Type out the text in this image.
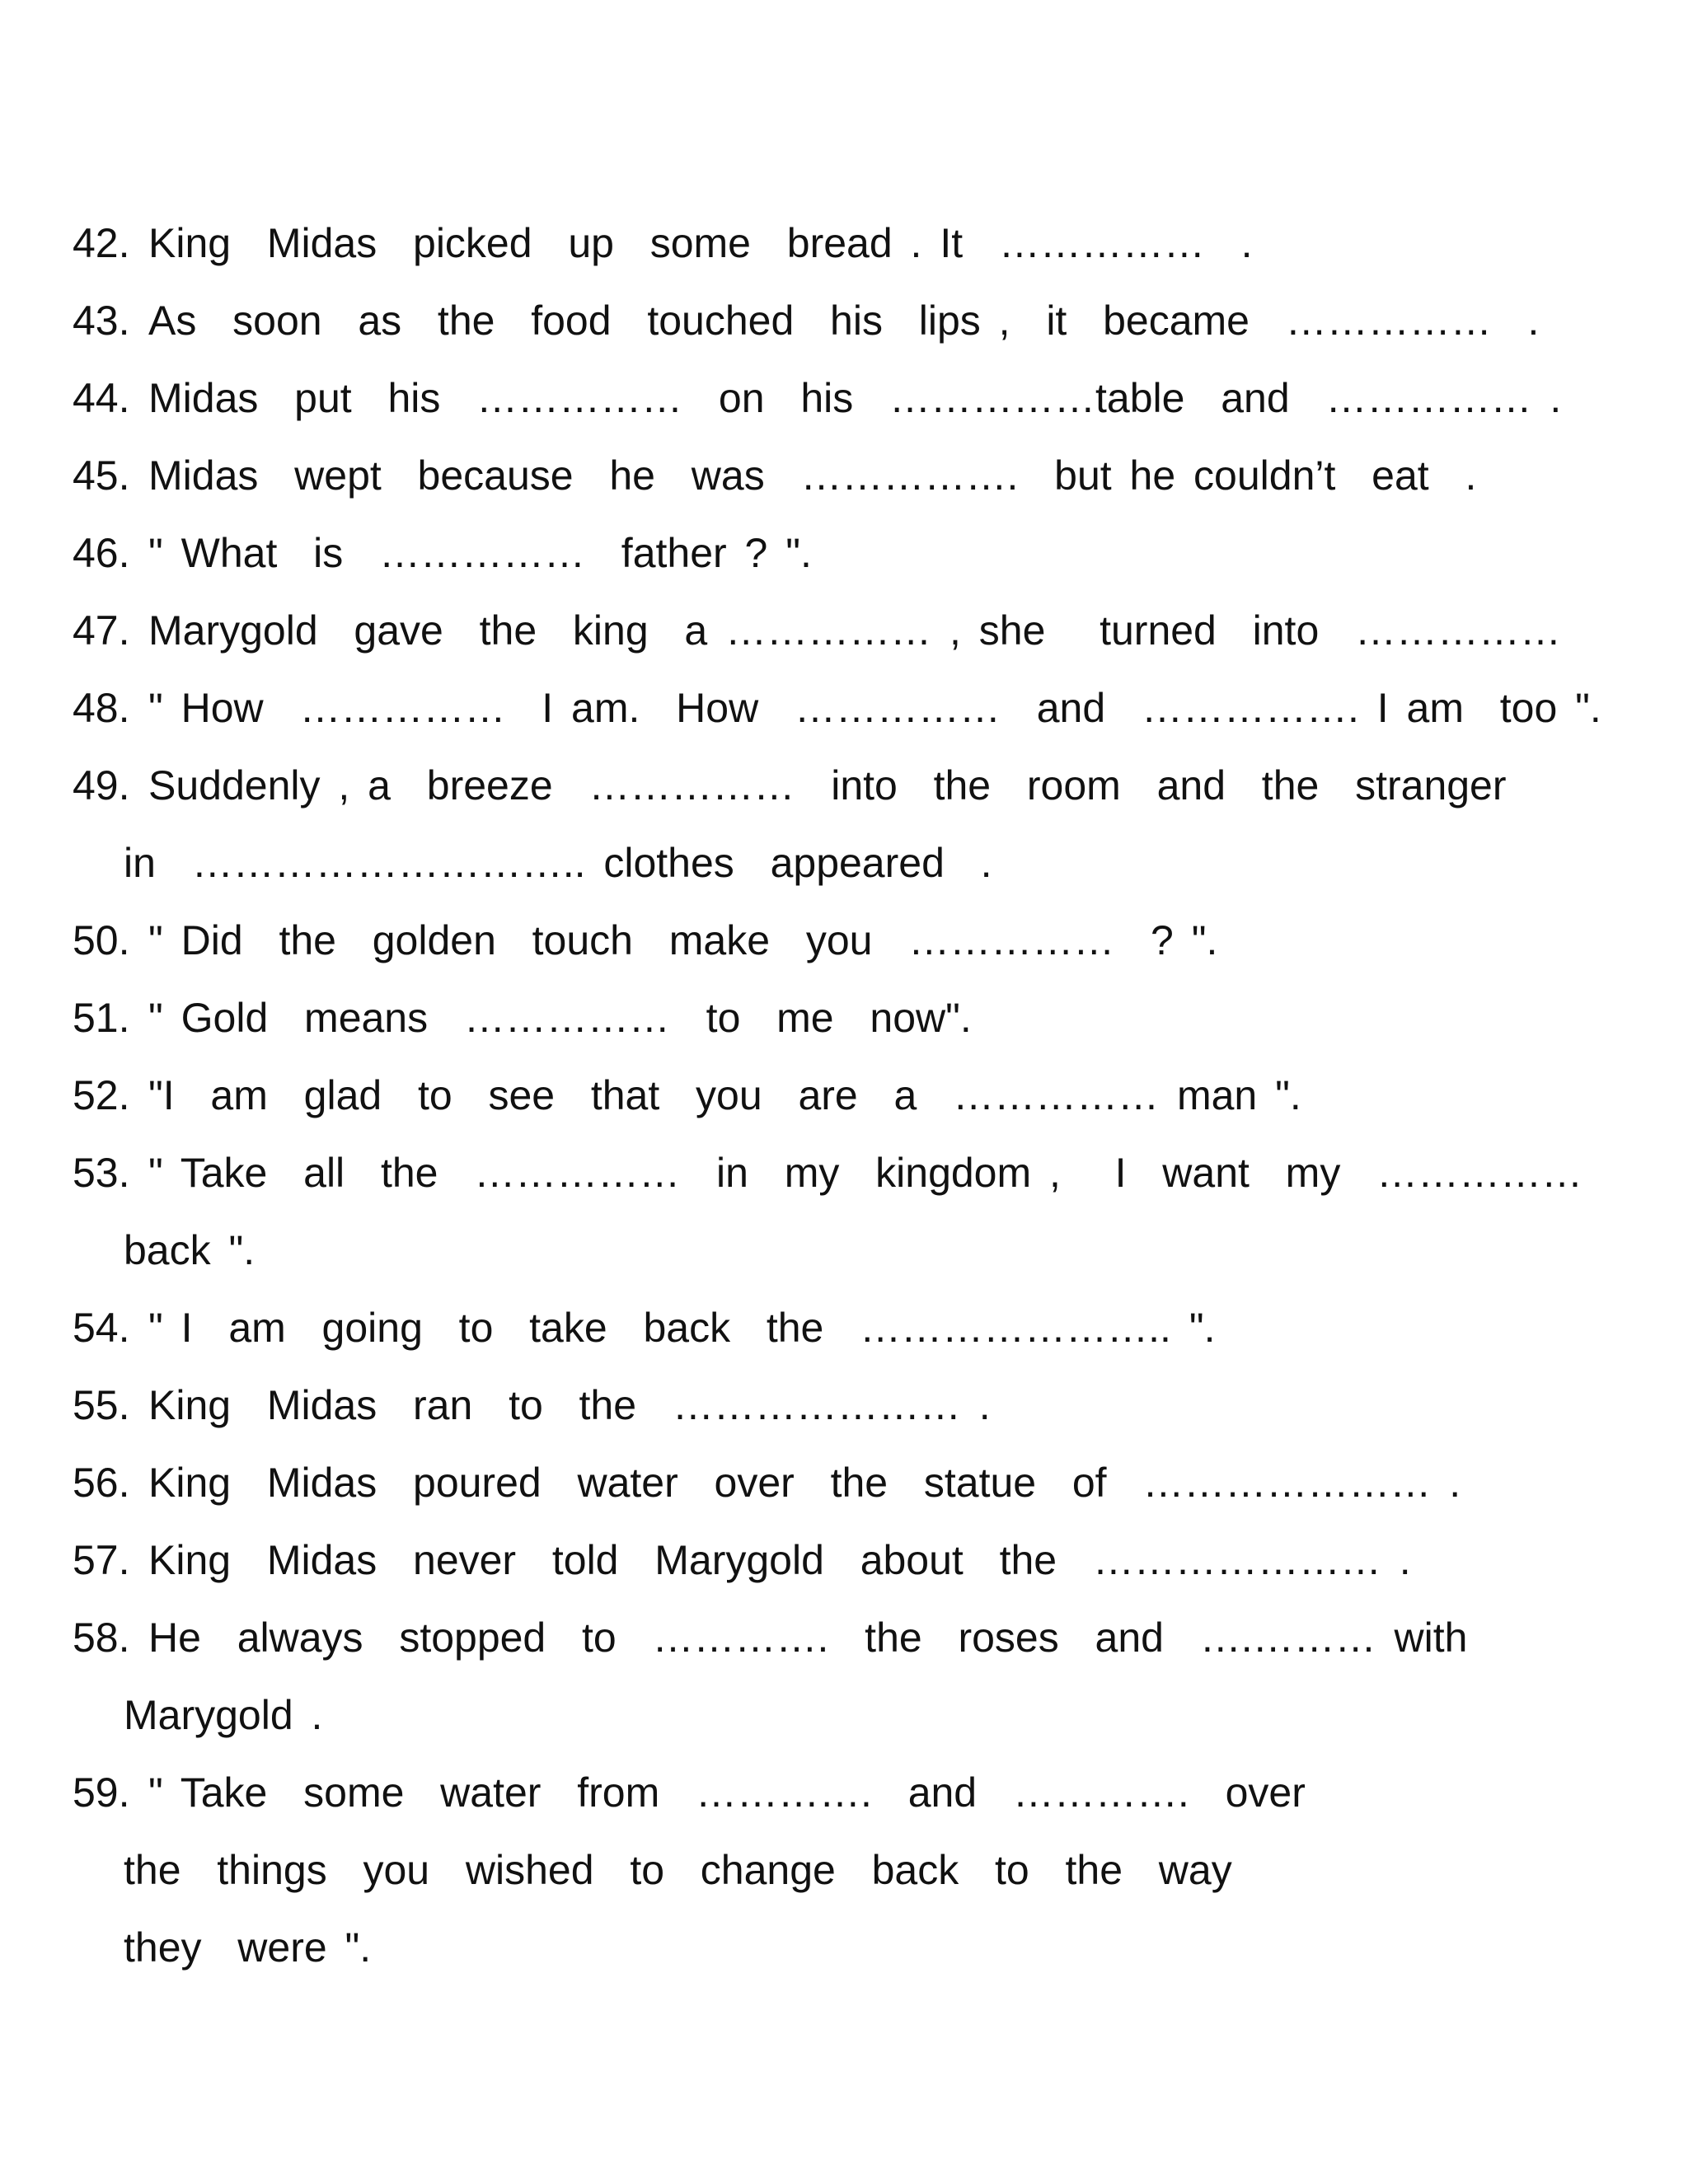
42. King  Midas  picked  up  some  bread . It  ……………  .
43. As  soon  as  the  food  touched  his  lips ,  it  became  ……………  .
44. Midas  put  his  ……………  on  his  ……………table  and  …………… .
45. Midas  wept  because  he  was  …………….  but he couldn’t  eat  .
46. " What  is  ……………  father ? ".
47. Marygold  gave  the  king  a …………… , she   turned  into  ……………
48. " How  ……………  I am.  How  ……………  and  ……………. I am  too ".
49. Suddenly , a  breeze  ……………  into  the  room  and  the  stranger
in  ……………………….. clothes  appeared  .
50. " Did  the  golden  touch  make  you  ……………  ? ".
51. " Gold  means  ……………  to  me  now".
52. "I  am  glad  to  see  that  you  are  a  …………… man ".
53. " Take  all  the  ……………  in  my  kingdom ,   I  want  my  ……………
back ".
54. " I  am  going  to  take  back  the  ………………….. ".
55. King  Midas  ran  to  the  ………………… .
56. King  Midas  poured  water  over  the  statue  of  ………………… .
57. King  Midas  never  told  Marygold  about  the  ………………… .
58. He  always  stopped  to  ………….  the  roses  and  ….……… with
Marygold .
59. " Take  some  water  from  ………….  and  ………….  over
the  things  you  wished  to  change  back  to  the  way
they  were ".
